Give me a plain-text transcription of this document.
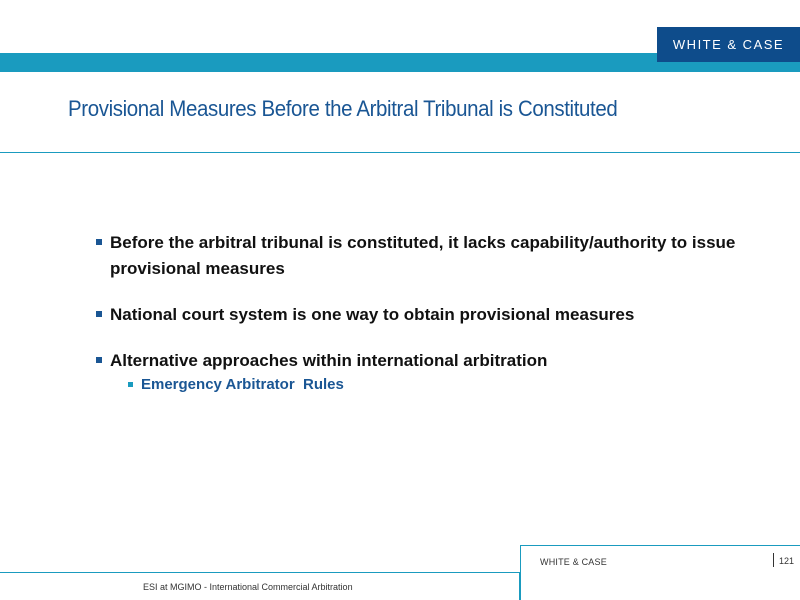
WHITE & CASE
Provisional Measures Before the Arbitral Tribunal is Constituted
Before the arbitral tribunal is constituted, it lacks capability/authority to issue provisional measures
National court system is one way to obtain provisional measures
Alternative approaches within international arbitration
Emergency Arbitrator  Rules
WHITE & CASE	121
ESI at MGIMO - International Commercial Arbitration
